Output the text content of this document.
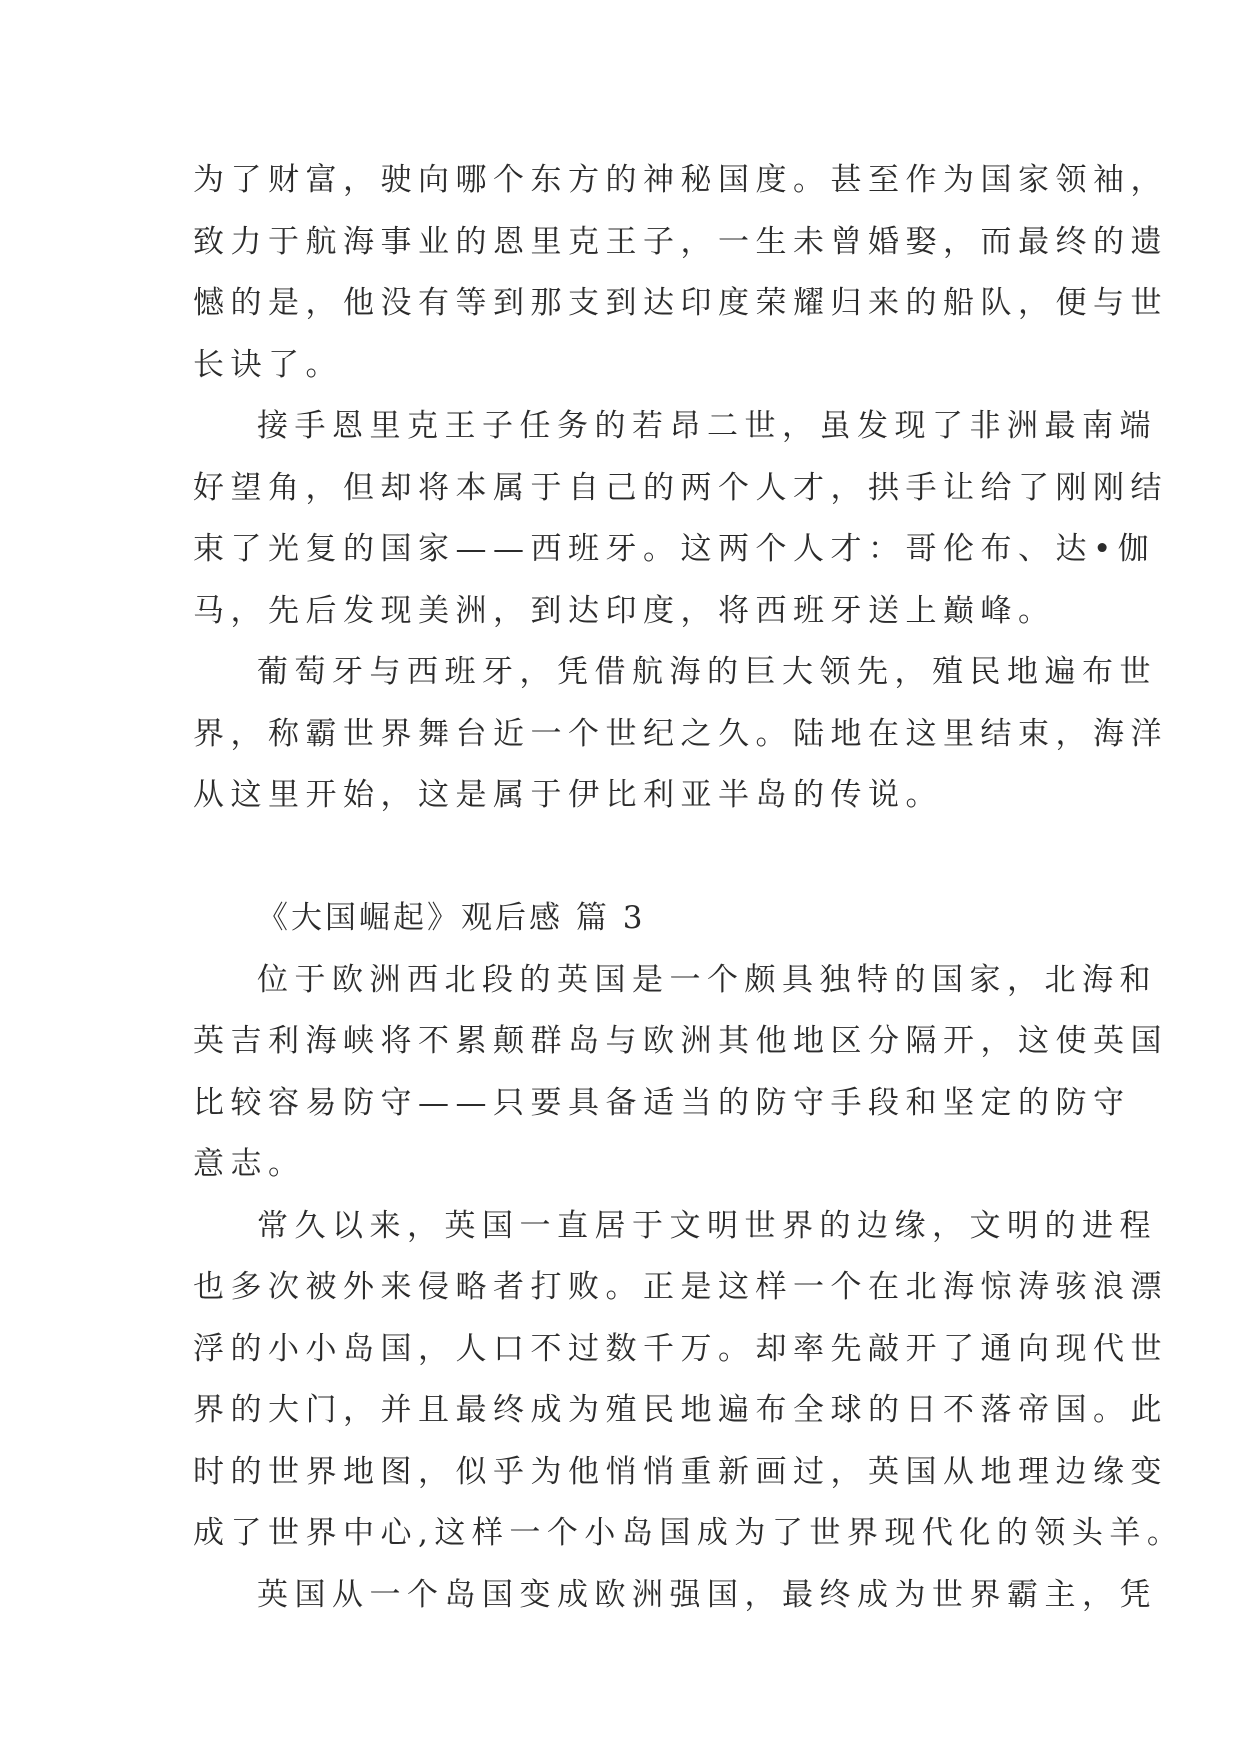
为了财富，驶向哪个东方的神秘国度。甚至作为国家领袖，
致力于航海事业的恩里克王子，一生未曾婚娶，而最终的遗
憾的是，他没有等到那支到达印度荣耀归来的船队，便与世
长诀了。
接手恩里克王子任务的若昂二世，虽发现了非洲最南端
好望角，但却将本属于自己的两个人才，拱手让给了刚刚结
束了光复的国家——西班牙。这两个人才：哥伦布、达•伽
马，先后发现美洲，到达印度，将西班牙送上巅峰。
葡萄牙与西班牙，凭借航海的巨大领先，殖民地遍布世
界，称霸世界舞台近一个世纪之久。陆地在这里结束，海洋
从这里开始，这是属于伊比利亚半岛的传说。
《大国崛起》观后感 篇 3
位于欧洲西北段的英国是一个颇具独特的国家，北海和
英吉利海峡将不累颠群岛与欧洲其他地区分隔开，这使英国
比较容易防守——只要具备适当的防守手段和坚定的防守
意志。
常久以来，英国一直居于文明世界的边缘，文明的进程
也多次被外来侵略者打败。正是这样一个在北海惊涛骇浪漂
浮的小小岛国，人口不过数千万。却率先敲开了通向现代世
界的大门，并且最终成为殖民地遍布全球的日不落帝国。此
时的世界地图，似乎为他悄悄重新画过，英国从地理边缘变
成了世界中心,这样一个小岛国成为了世界现代化的领头羊。
英国从一个岛国变成欧洲强国，最终成为世界霸主，凭
